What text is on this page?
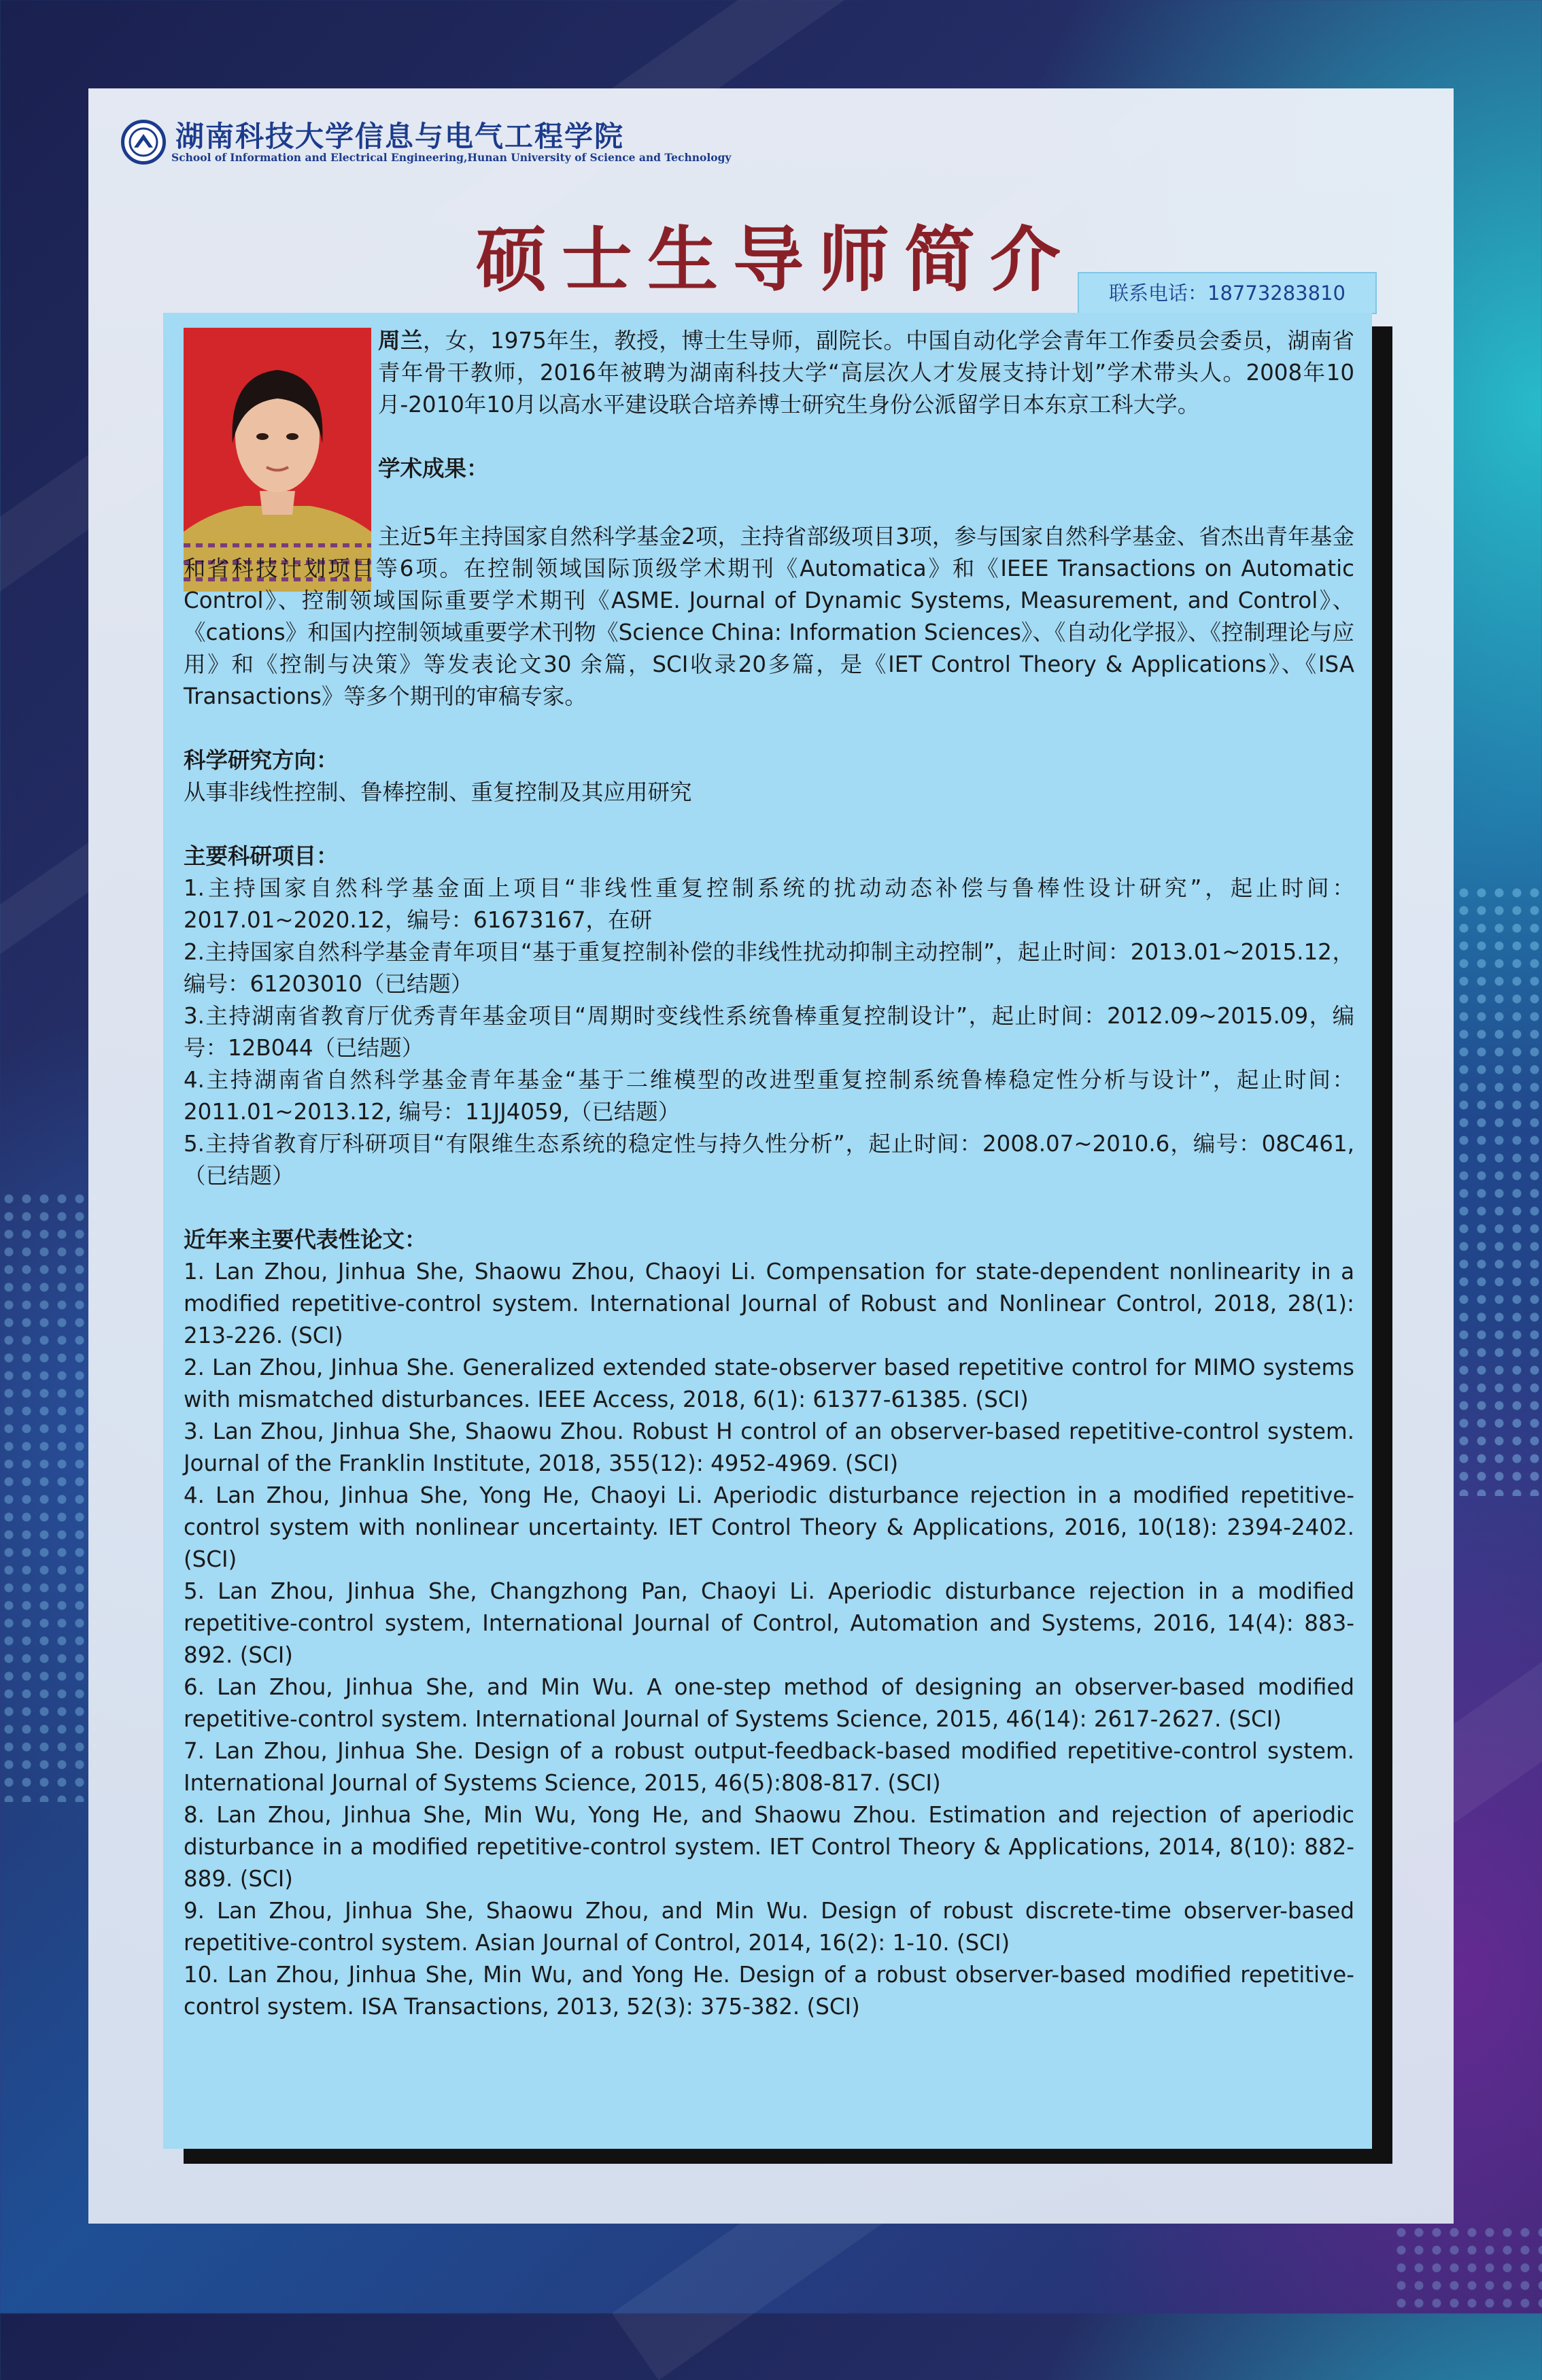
湖南科技大学信息与电气工程学院
School of Information and Electrical Engineering,Hunan University of Science and Technology
硕士生导师简介	联系电话：18773283810

周兰，女，1975年生，教授，博士生导师，副院长。中国自动化学会青年工作委员会委员，湖南省青年骨干教师，2016年被聘为湖南科技大学“高层次人才发展支持计划”学术带头人。2008年10月-2010年10月以高水平建设联合培养博士研究生身份公派留学日本东京工科大学。

学术成果：

主近5年主持国家自然科学基金2项，主持省部级项目3项，参与国家自然科学基金、省杰出青年基金和省科技计划项目等6项。在控制领域国际顶级学术期刊《Automatica》和《IEEE Transactions on Automatic Control》、控制领域国际重要学术期刊《ASME. Journal of Dynamic Systems, Measurement, and Control》、《cations》和国内控制领域重要学术刊物《Science China: Information Sciences》、《自动化学报》、《控制理论与应用》和《控制与决策》等发表论文30 余篇，SCI收录20多篇，是《IET Control Theory & Applications》、《ISA Transactions》等多个期刊的审稿专家。

科学研究方向：

从事非线性控制、鲁棒控制、重复控制及其应用研究

主要科研项目：

1.主持国家自然科学基金面上项目“非线性重复控制系统的扰动动态补偿与鲁棒性设计研究”，起止时间：2017.01~2020.12，编号：61673167，在研

2.主持国家自然科学基金青年项目“基于重复控制补偿的非线性扰动抑制主动控制”，起止时间：2013.01~2015.12，编号：61203010（已结题）

3.主持湖南省教育厅优秀青年基金项目“周期时变线性系统鲁棒重复控制设计”，起止时间：2012.09~2015.09，编号：12B044（已结题）

4.主持湖南省自然科学基金青年基金“基于二维模型的改进型重复控制系统鲁棒稳定性分析与设计”，起止时间：2011.01~2013.12, 编号：11JJ4059,（已结题）

5.主持省教育厅科研项目“有限维生态系统的稳定性与持久性分析”，起止时间：2008.07~2010.6，编号：08C461,（已结题）

近年来主要代表性论文：

1. Lan Zhou, Jinhua She, Shaowu Zhou, Chaoyi Li. Compensation for state-dependent nonlinearity in a modified repetitive-control system. International Journal of Robust and Nonlinear Control, 2018, 28(1): 213-226. (SCI)

2. Lan Zhou, Jinhua She. Generalized extended state-observer based repetitive control for MIMO systems with mismatched disturbances. IEEE Access, 2018, 6(1): 61377-61385. (SCI)

3. Lan Zhou, Jinhua She, Shaowu Zhou. Robust H control of an observer-based repetitive-control system. Journal of the Franklin Institute, 2018, 355(12): 4952-4969. (SCI)

4. Lan Zhou, Jinhua She, Yong He, Chaoyi Li. Aperiodic disturbance rejection in a modified repetitive-control system with nonlinear uncertainty. IET Control Theory & Applications, 2016, 10(18): 2394-2402.(SCI)

5. Lan Zhou, Jinhua She, Changzhong Pan, Chaoyi Li. Aperiodic disturbance rejection in a modified repetitive-control system, International Journal of Control, Automation and Systems, 2016, 14(4): 883-892. (SCI)

6. Lan Zhou, Jinhua She, and Min Wu. A one-step method of designing an observer-based modified repetitive-control system. International Journal of Systems Science, 2015, 46(14): 2617-2627. (SCI)

7. Lan Zhou, Jinhua She. Design of a robust output-feedback-based modified repetitive-control system. International Journal of Systems Science, 2015, 46(5):808-817. (SCI)

8. Lan Zhou, Jinhua She, Min Wu, Yong He, and Shaowu Zhou. Estimation and rejection of aperiodic disturbance in a modified repetitive-control system. IET Control Theory & Applications, 2014, 8(10): 882-889. (SCI)

9. Lan Zhou, Jinhua She, Shaowu Zhou, and Min Wu. Design of robust discrete-time observer-based repetitive-control system. Asian Journal of Control, 2014, 16(2): 1-10. (SCI)

10. Lan Zhou, Jinhua She, Min Wu, and Yong He. Design of a robust observer-based modified repetitive-control system. ISA Transactions, 2013, 52(3): 375-382. (SCI)
